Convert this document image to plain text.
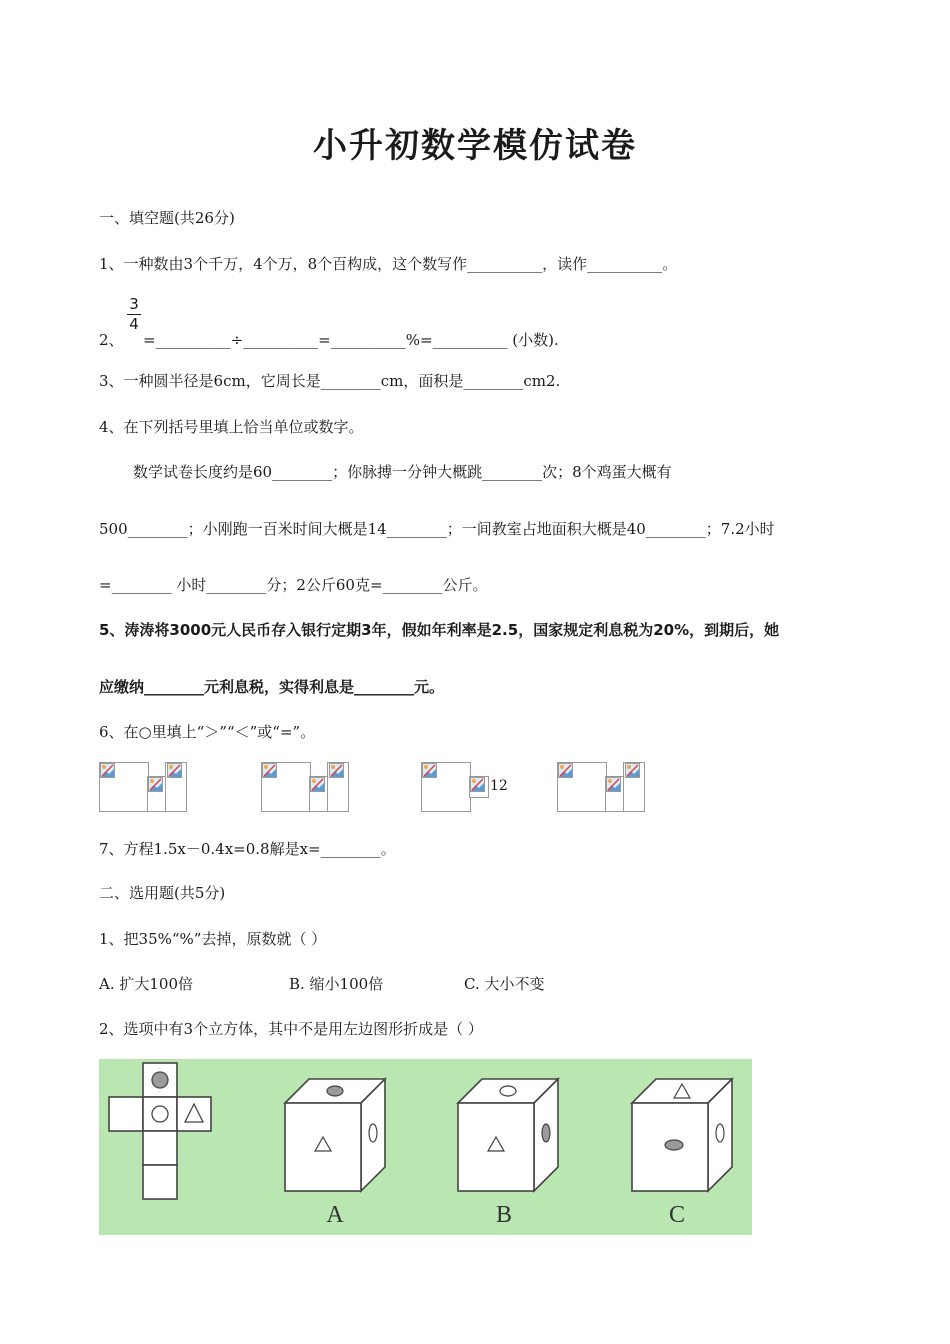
小升初数学模仿试卷
一、填空题(共26分)
1、一种数由3个千万，4个万，8个百构成，这个数写作__________，读作__________。
2、
3
4
=__________÷__________=__________%=__________ (小数).
3、一种圆半径是6cm，它周长是________cm，面积是________cm2.
4、在下列括号里填上恰当单位或数字。
数学试卷长度约是60________；你脉搏一分钟大概跳________次；8个鸡蛋大概有
500________；小刚跑一百米时间大概是14________；一间教室占地面积大概是40________；7.2小时
=________ 小时________分；2公斤60克=________公斤。
5、涛涛将3000元人民币存入银行定期3年，假如年利率是2.5，国家规定利息税为20%，到期后，她
应缴纳________元利息税，实得利息是________元。
6、在○里填上“＞”“＜”或“=”。
12
7、方程1.5x－0.4x=0.8解是x=________。
二、选用题(共5分)
1、把35%“%”去掉，原数就（ ）
A. 扩大100倍	B. 缩小100倍	C. 大小不变
2、选项中有3个立方体，其中不是用左边图形折成是（ ）
A	B	C
